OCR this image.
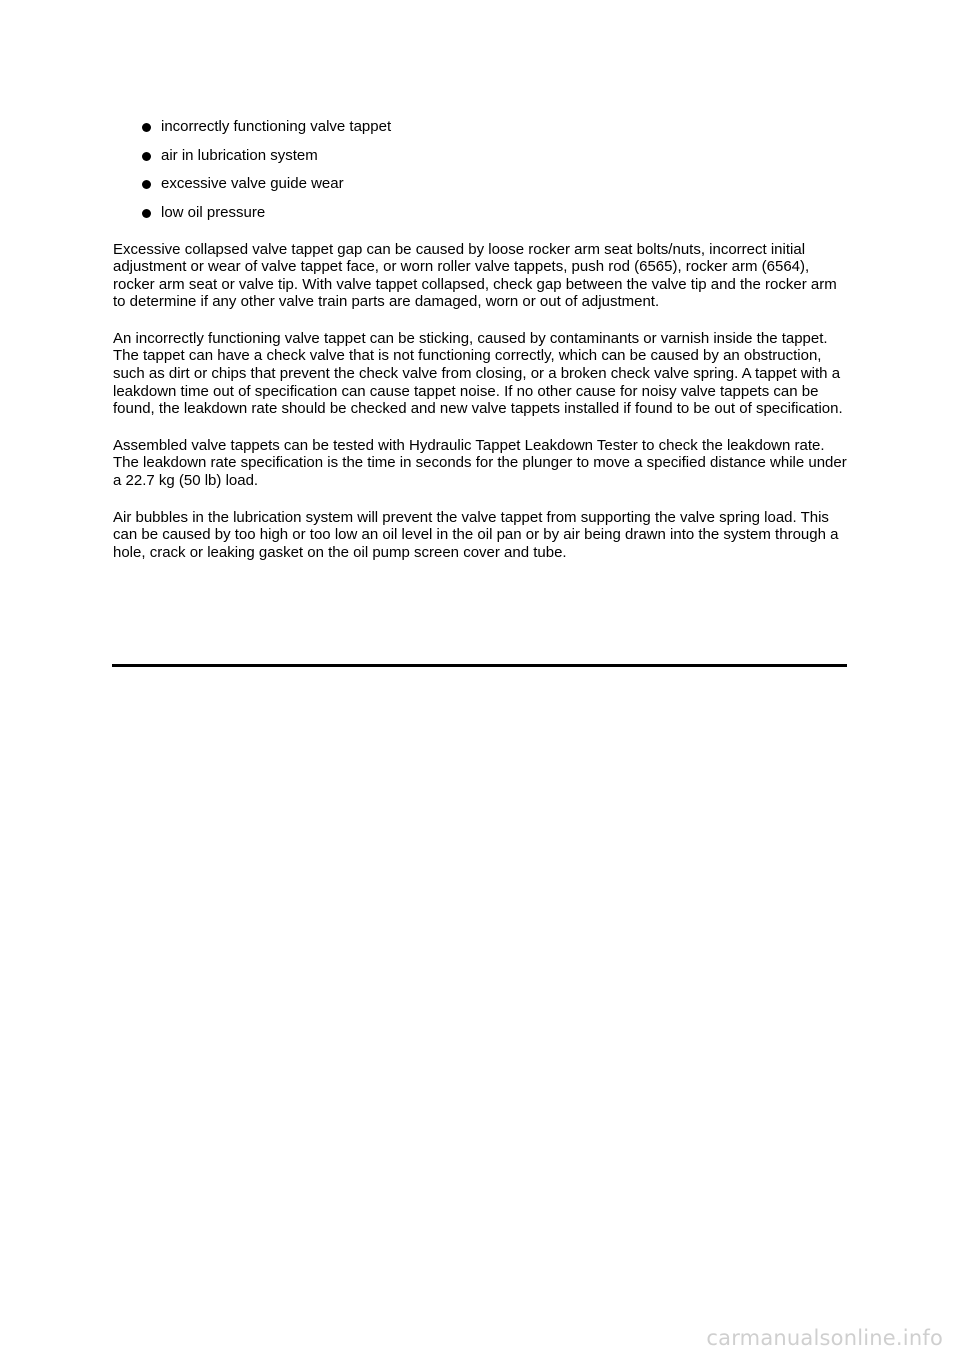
incorrectly functioning valve tappet
air in lubrication system
excessive valve guide wear
low oil pressure

Excessive collapsed valve tappet gap can be caused by loose rocker arm seat bolts/nuts, incorrect initial adjustment or wear of valve tappet face, or worn roller valve tappets, push rod (6565), rocker arm (6564), rocker arm seat or valve tip. With valve tappet collapsed, check gap between the valve tip and the rocker arm to determine if any other valve train parts are damaged, worn or out of adjustment.

An incorrectly functioning valve tappet can be sticking, caused by contaminants or varnish inside the tappet. The tappet can have a check valve that is not functioning correctly, which can be caused by an obstruction, such as dirt or chips that prevent the check valve from closing, or a broken check valve spring. A tappet with a leakdown time out of specification can cause tappet noise. If no other cause for noisy valve tappets can be found, the leakdown rate should be checked and new valve tappets installed if found to be out of specification.

Assembled valve tappets can be tested with Hydraulic Tappet Leakdown Tester to check the leakdown rate. The leakdown rate specification is the time in seconds for the plunger to move a specified distance while under a 22.7 kg (50 lb) load.

Air bubbles in the lubrication system will prevent the valve tappet from supporting the valve spring load. This can be caused by too high or too low an oil level in the oil pan or by air being drawn into the system through a hole, crack or leaking gasket on the oil pump screen cover and tube.

carmanualsonline.info
